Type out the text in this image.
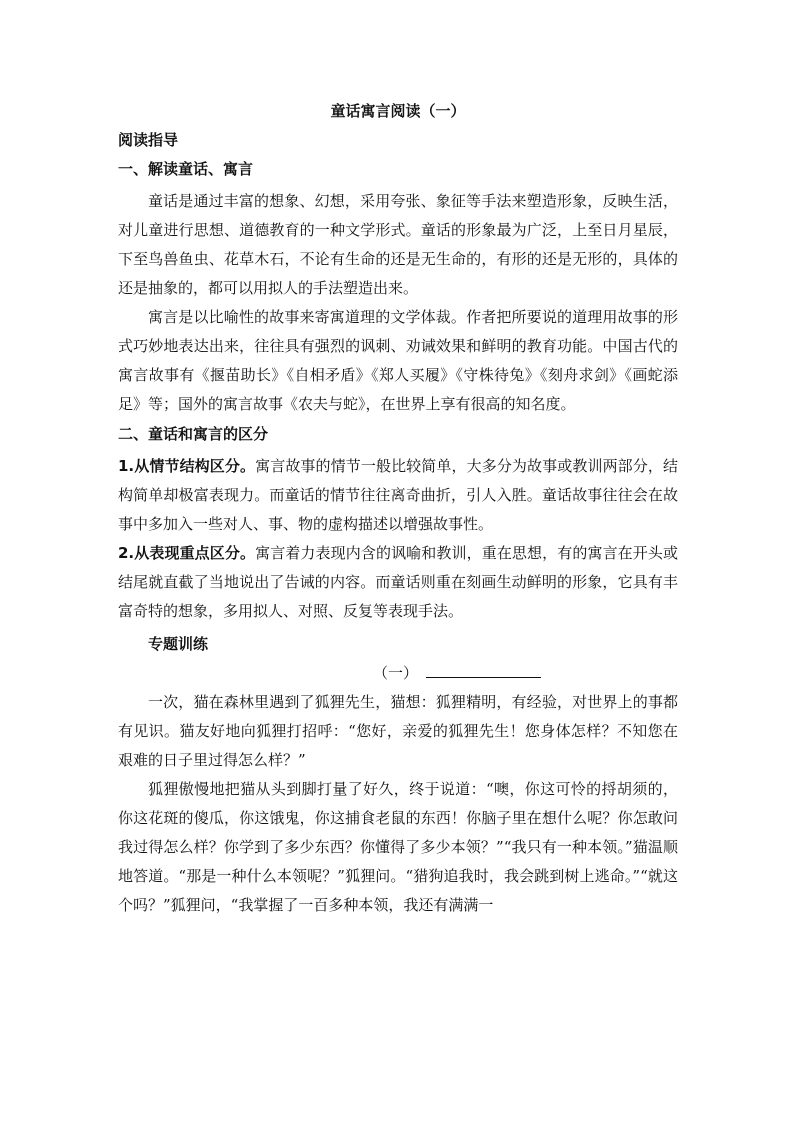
童话寓言阅读（一）

阅读指导

一、解读童话、寓言

童话是通过丰富的想象、幻想，采用夸张、象征等手法来塑造形象，反映生活，对儿童进行思想、道德教育的一种文学形式。童话的形象最为广泛，上至日月星辰，下至鸟兽鱼虫、花草木石，不论有生命的还是无生命的，有形的还是无形的，具体的还是抽象的，都可以用拟人的手法塑造出来。

寓言是以比喻性的故事来寄寓道理的文学体裁。作者把所要说的道理用故事的形式巧妙地表达出来，往往具有强烈的讽刺、劝诫效果和鲜明的教育功能。中国古代的寓言故事有《揠苗助长》《自相矛盾》《郑人买履》《守株待兔》《刻舟求剑》《画蛇添足》等；国外的寓言故事《农夫与蛇》，在世界上享有很高的知名度。

二、童话和寓言的区分

1.从情节结构区分。寓言故事的情节一般比较简单，大多分为故事或教训两部分，结构简单却极富表现力。而童话的情节往往离奇曲折，引人入胜。童话故事往往会在故事中多加入一些对人、事、物的虚构描述以增强故事性。

2.从表现重点区分。寓言着力表现内含的讽喻和教训，重在思想，有的寓言在开头或结尾就直截了当地说出了告诫的内容。而童话则重在刻画生动鲜明的形象，它具有丰富奇特的想象，多用拟人、对照、反复等表现手法。

专题训练

（一）

一次，猫在森林里遇到了狐狸先生，猫想：狐狸精明，有经验，对世界上的事都有见识。猫友好地向狐狸打招呼：“您好，亲爱的狐狸先生！您身体怎样？不知您在艰难的日子里过得怎么样？”

狐狸傲慢地把猫从头到脚打量了好久，终于说道：“噢，你这可怜的捋胡须的，你这花斑的傻瓜，你这饿鬼，你这捕食老鼠的东西！你脑子里在想什么呢？你怎敢问我过得怎么样？你学到了多少东西？你懂得了多少本领？”“我只有一种本领。”猫温顺地答道。“那是一种什么本领呢？”狐狸问。“猎狗追我时，我会跳到树上逃命。”“就这个吗？”狐狸问，“我掌握了一百多种本领，我还有满满一
